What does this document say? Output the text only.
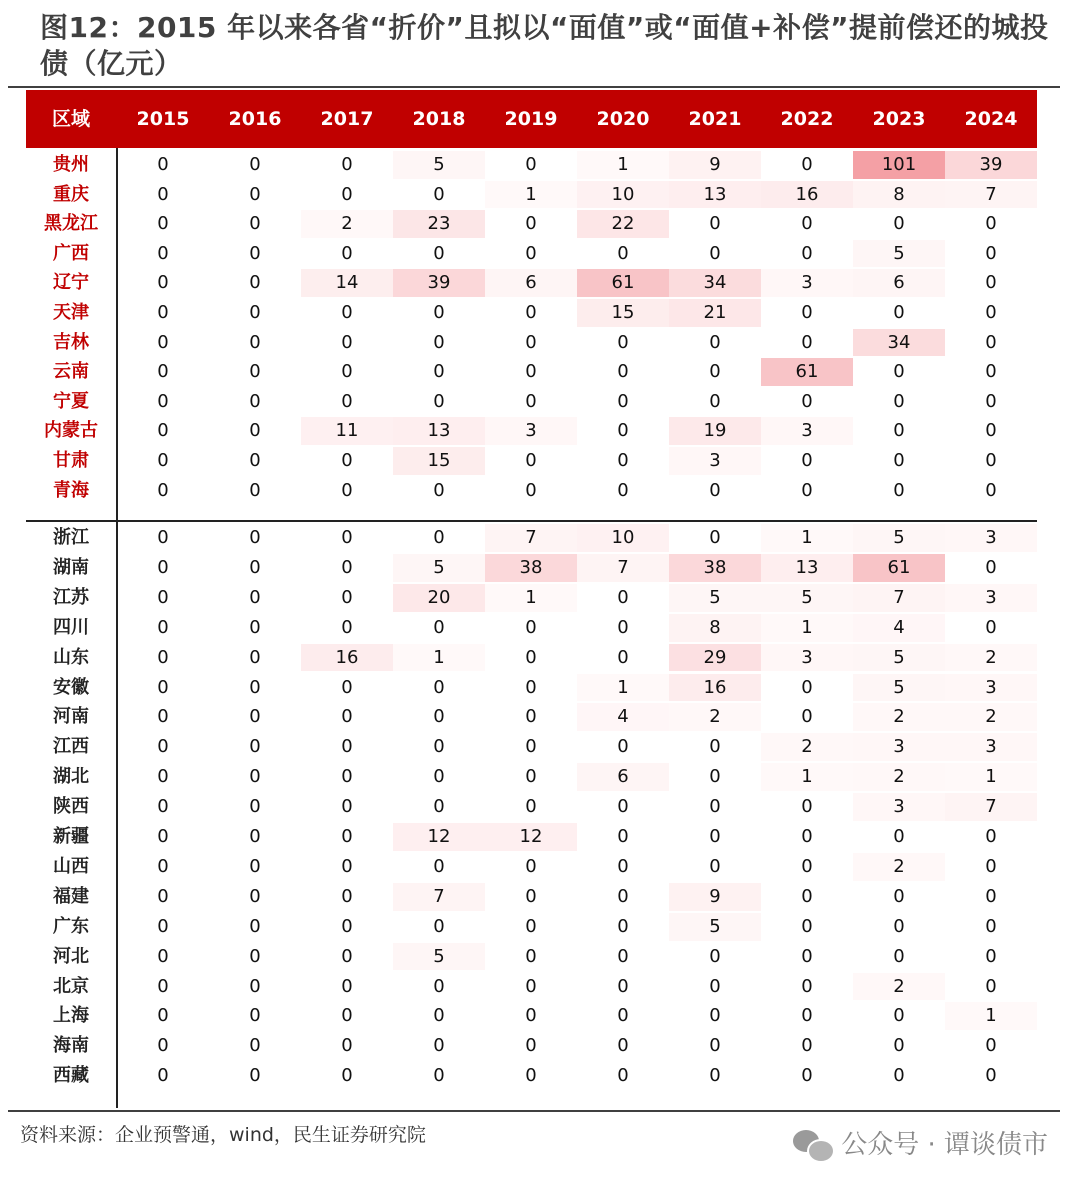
图12：2015 年以来各省“折价”且拟以“面值”或“面值+补偿”提前偿还的城投债（亿元）
区域	2015	2016	2017	2018	2019	2020	2021	2022	2023	2024
贵州	0	0	0	5	0	1	9	0	101	39
重庆	0	0	0	0	1	10	13	16	8	7
黑龙江	0	0	2	23	0	22	0	0	0	0
广西	0	0	0	0	0	0	0	0	5	0
辽宁	0	0	14	39	6	61	34	3	6	0
天津	0	0	0	0	0	15	21	0	0	0
吉林	0	0	0	0	0	0	0	0	34	0
云南	0	0	0	0	0	0	0	61	0	0
宁夏	0	0	0	0	0	0	0	0	0	0
内蒙古	0	0	11	13	3	0	19	3	0	0
甘肃	0	0	0	15	0	0	3	0	0	0
青海	0	0	0	0	0	0	0	0	0	0
浙江	0	0	0	0	7	10	0	1	5	3
湖南	0	0	0	5	38	7	38	13	61	0
江苏	0	0	0	20	1	0	5	5	7	3
四川	0	0	0	0	0	0	8	1	4	0
山东	0	0	16	1	0	0	29	3	5	2
安徽	0	0	0	0	0	1	16	0	5	3
河南	0	0	0	0	0	4	2	0	2	2
江西	0	0	0	0	0	0	0	2	3	3
湖北	0	0	0	0	0	6	0	1	2	1
陕西	0	0	0	0	0	0	0	0	3	7
新疆	0	0	0	12	12	0	0	0	0	0
山西	0	0	0	0	0	0	0	0	2	0
福建	0	0	0	7	0	0	9	0	0	0
广东	0	0	0	0	0	0	5	0	0	0
河北	0	0	0	5	0	0	0	0	0	0
北京	0	0	0	0	0	0	0	0	2	0
上海	0	0	0	0	0	0	0	0	0	1
海南	0	0	0	0	0	0	0	0	0	0
西藏	0	0	0	0	0	0	0	0	0	0
资料来源：企业预警通，wind，民生证券研究院	公众号 · 谭谈债市
